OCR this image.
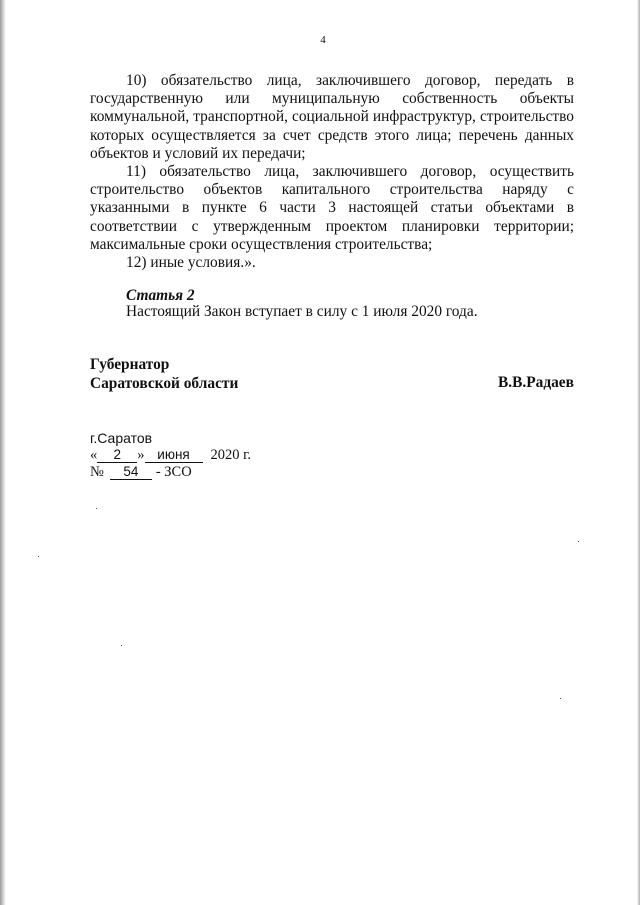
4

10) обязательство лица, заключившего договор, передать в государственную или муниципальную собственность объекты коммунальной, транспортной, социальной инфраструктур, строительство которых осуществляется за счет средств этого лица; перечень данных объектов и условий их передачи;

11) обязательство лица, заключившего договор, осуществить строительство объектов капитального строительства наряду с указанными в пункте 6 части 3 настоящей статьи объектами в соответствии с утвержденным проектом планировки территории; максимальные сроки осуществления строительства;

12) иные условия.».

Статья 2
Настоящий Закон вступает в силу с 1 июля 2020 года.
Губернатор
Саратовской области	В.В.Радаев
г.Саратов
« 2 » июня 2020 г.
№ 54 - ЗСО
